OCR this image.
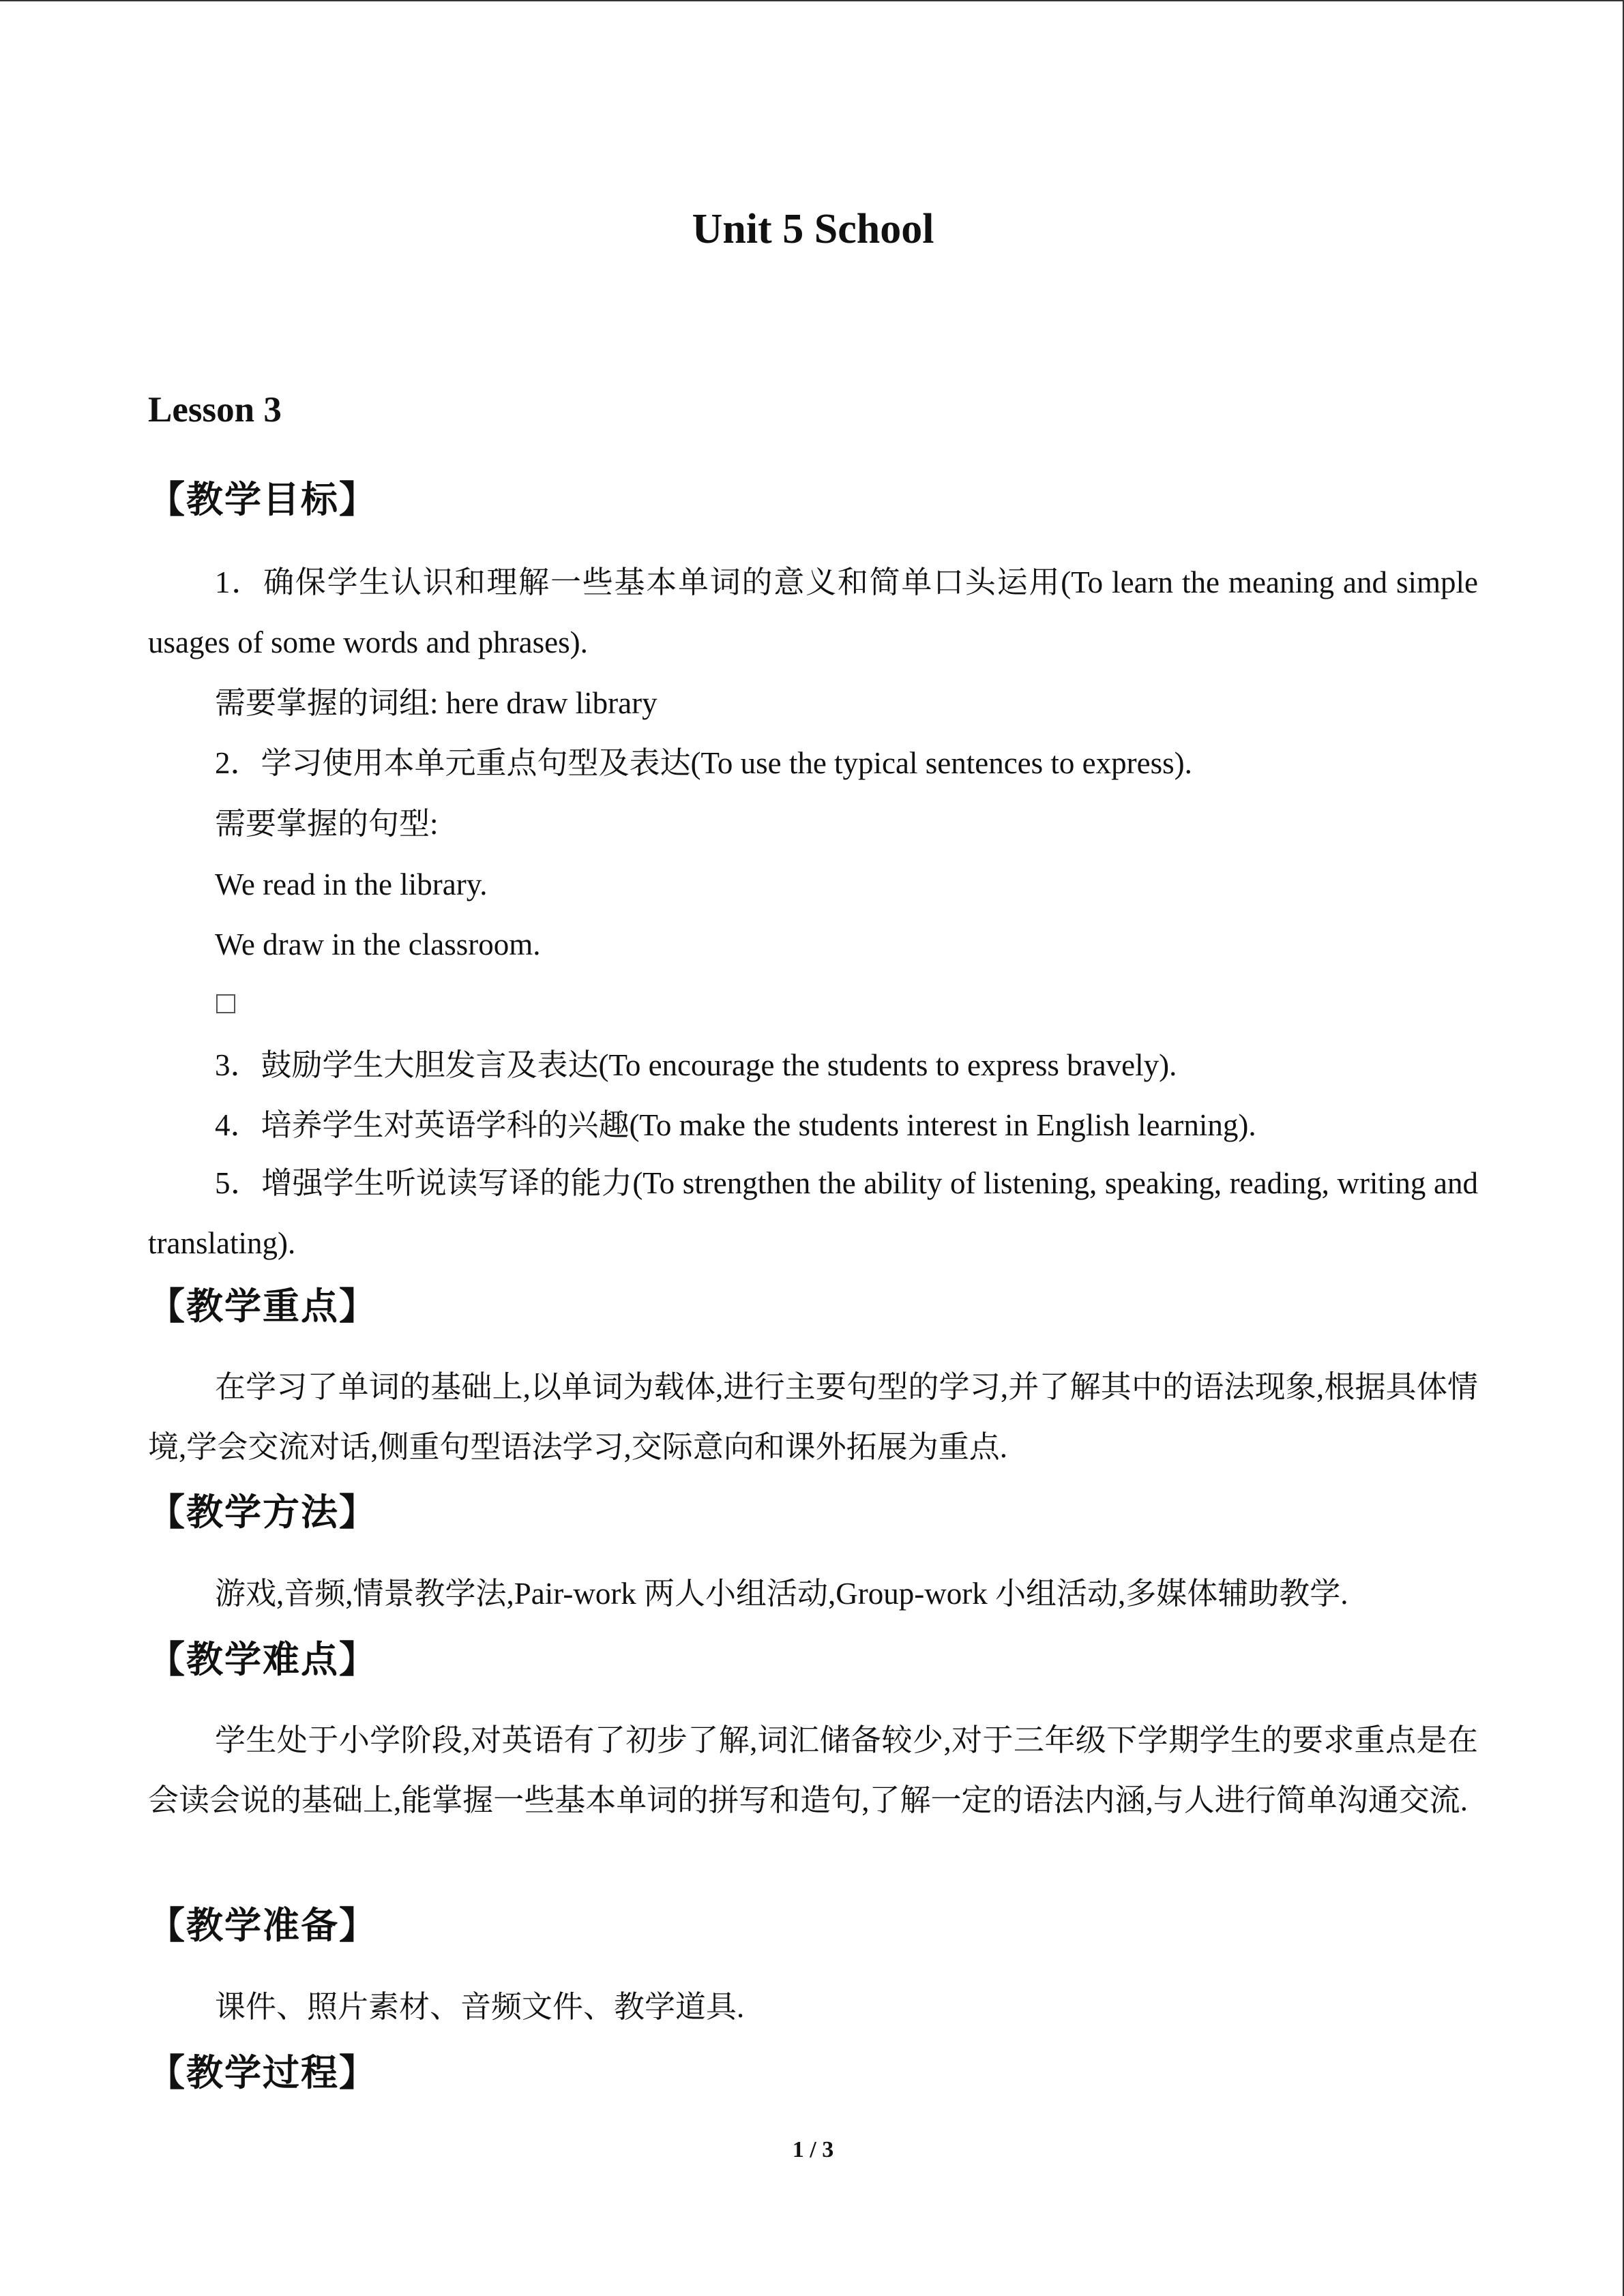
Unit 5 School
Lesson 3
【教学目标】
1．确保学生认识和理解一些基本单词的意义和简单口头运用(To learn the meaning and simple usages of some words and phrases).
需要掌握的词组: here draw library
2．学习使用本单元重点句型及表达(To use the typical sentences to express).
需要掌握的句型:
We read in the library.
We draw in the classroom.
3．鼓励学生大胆发言及表达(To encourage the students to express bravely).
4．培养学生对英语学科的兴趣(To make the students interest in English learning).
5．增强学生听说读写译的能力(To strengthen the ability of listening, speaking, reading, writing and translating).
【教学重点】
在学习了单词的基础上,以单词为载体,进行主要句型的学习,并了解其中的语法现象,根据具体情境,学会交流对话,侧重句型语法学习,交际意向和课外拓展为重点.
【教学方法】
游戏,音频,情景教学法,Pair-work 两人小组活动,Group-work 小组活动,多媒体辅助教学.
【教学难点】
学生处于小学阶段,对英语有了初步了解,词汇储备较少,对于三年级下学期学生的要求重点是在会读会说的基础上,能掌握一些基本单词的拼写和造句,了解一定的语法内涵,与人进行简单沟通交流.
【教学准备】
课件、照片素材、音频文件、教学道具.
【教学过程】
1 / 3
